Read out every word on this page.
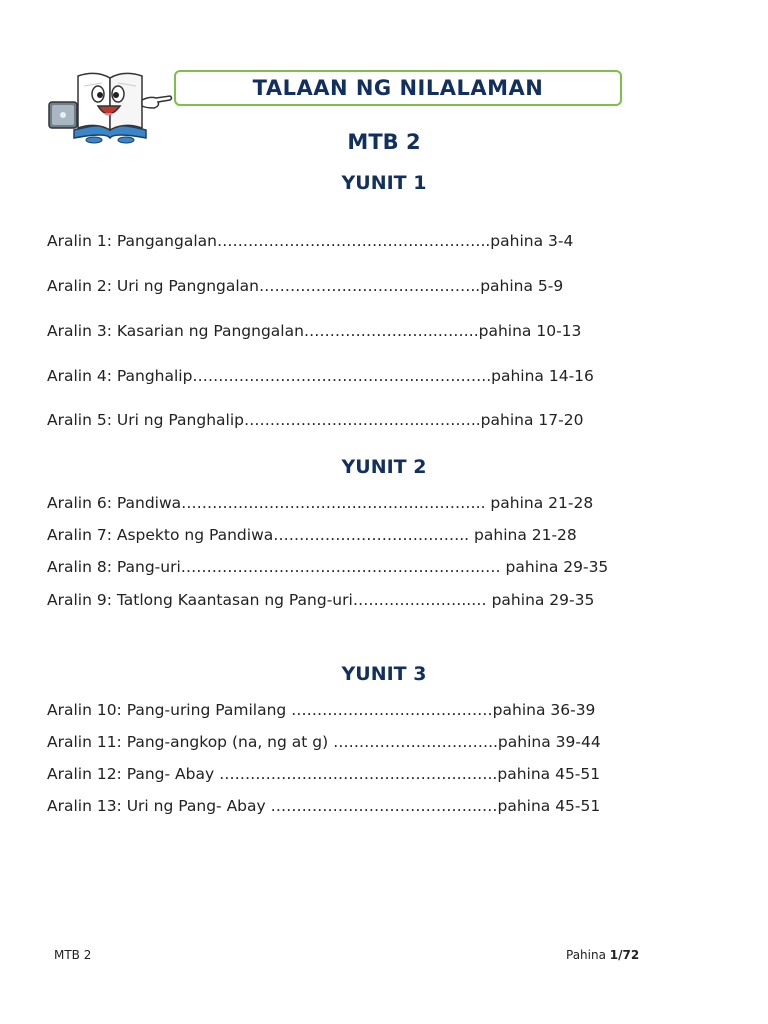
TALAAN NG NILALAMAN
MTB 2
YUNIT 1
Aralin 1: Pangangalan……………………………………………..pahina 3-4
Aralin 2: Uri ng Pangngalan……………………………..……..pahina 5-9
Aralin 3: Kasarian ng Pangngalan……………………..……..pahina 10-13
Aralin 4: Panghalip……………………………………..…………..pahina 14-16
Aralin 5: Uri ng Panghalip……………………………..………..pahina 17-20
YUNIT 2
Aralin 6: Pandiwa………………………………………………….. pahina 21-28
Aralin 7: Aspekto ng Pandiwa……………………………….. pahina 21-28
Aralin 8: Pang-uri…………………………………………………..… pahina 29-35
Aralin 9: Tatlong Kaantasan ng Pang-uri…………………..… pahina 29-35
YUNIT 3
Aralin 10: Pang-uring Pamilang …………………………………pahina 36-39
Aralin 11: Pang-angkop (na, ng at g) …………………………..pahina 39-44
Aralin 12: Pang- Abay ……………………………………….……..pahina 45-51
Aralin 13: Uri ng Pang- Abay …………………………………..…pahina 45-51
MTB 2	Pahina 1/72
